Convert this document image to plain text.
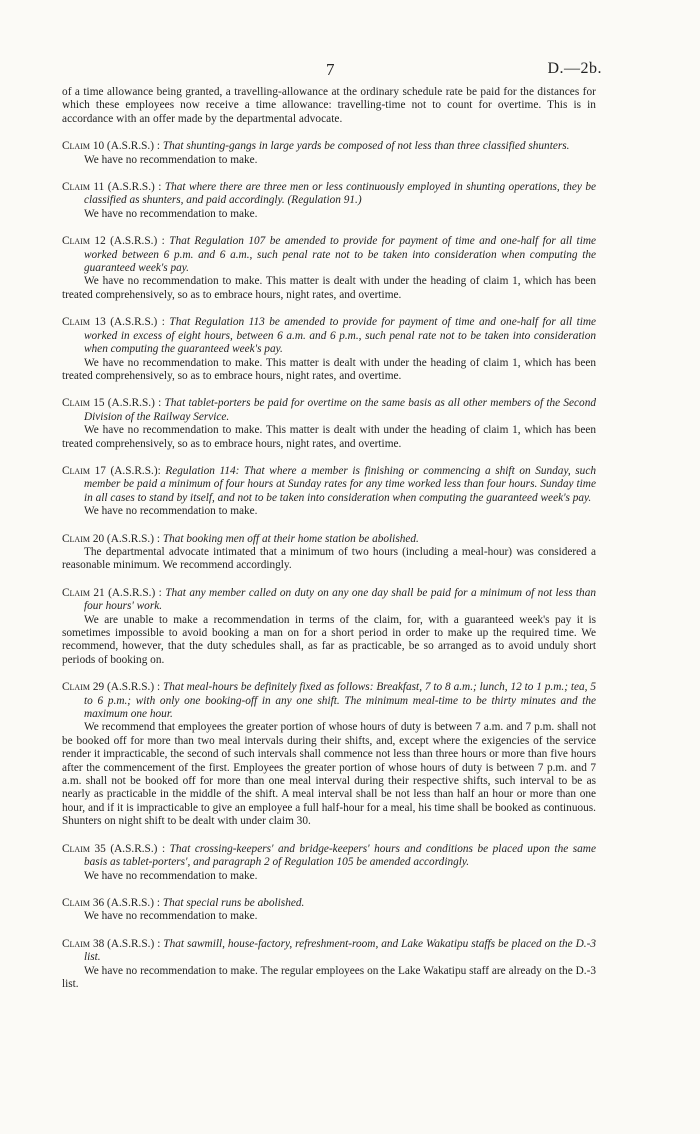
7	D.—2b.

of a time allowance being granted, a travelling-allowance at the ordinary schedule rate be paid for the distances for which these employees now receive a time allowance: travelling-time not to count for overtime. This is in accordance with an offer made by the departmental advocate.

Claim 10 (A.S.R.S.) : That shunting-gangs in large yards be composed of not less than three classified shunters.

We have no recommendation to make.

Claim 11 (A.S.R.S.) : That where there are three men or less continuously employed in shunting operations, they be classified as shunters, and paid accordingly. (Regulation 91.)

We have no recommendation to make.

Claim 12 (A.S.R.S.) : That Regulation 107 be amended to provide for payment of time and one-half for all time worked between 6 p.m. and 6 a.m., such penal rate not to be taken into consideration when computing the guaranteed week's pay.

We have no recommendation to make. This matter is dealt with under the heading of claim 1, which has been treated comprehensively, so as to embrace hours, night rates, and overtime.

Claim 13 (A.S.R.S.) : That Regulation 113 be amended to provide for payment of time and one-half for all time worked in excess of eight hours, between 6 a.m. and 6 p.m., such penal rate not to be taken into consideration when computing the guaranteed week's pay.

We have no recommendation to make. This matter is dealt with under the heading of claim 1, which has been treated comprehensively, so as to embrace hours, night rates, and overtime.

Claim 15 (A.S.R.S.) : That tablet-porters be paid for overtime on the same basis as all other members of the Second Division of the Railway Service.

We have no recommendation to make. This matter is dealt with under the heading of claim 1, which has been treated comprehensively, so as to embrace hours, night rates, and overtime.

Claim 17 (A.S.R.S.): Regulation 114: That where a member is finishing or commencing a shift on Sunday, such member be paid a minimum of four hours at Sunday rates for any time worked less than four hours. Sunday time in all cases to stand by itself, and not to be taken into consideration when computing the guaranteed week's pay.

We have no recommendation to make.

Claim 20 (A.S.R.S.) : That booking men off at their home station be abolished.

The departmental advocate intimated that a minimum of two hours (including a meal-hour) was considered a reasonable minimum. We recommend accordingly.

Claim 21 (A.S.R.S.) : That any member called on duty on any one day shall be paid for a minimum of not less than four hours' work.

We are unable to make a recommendation in terms of the claim, for, with a guaranteed week's pay it is sometimes impossible to avoid booking a man on for a short period in order to make up the required time. We recommend, however, that the duty schedules shall, as far as practicable, be so arranged as to avoid unduly short periods of booking on.

Claim 29 (A.S.R.S.) : That meal-hours be definitely fixed as follows: Breakfast, 7 to 8 a.m.; lunch, 12 to 1 p.m.; tea, 5 to 6 p.m.; with only one booking-off in any one shift. The minimum meal-time to be thirty minutes and the maximum one hour.

We recommend that employees the greater portion of whose hours of duty is between 7 a.m. and 7 p.m. shall not be booked off for more than two meal intervals during their shifts, and, except where the exigencies of the service render it impracticable, the second of such intervals shall commence not less than three hours or more than five hours after the commencement of the first. Employees the greater portion of whose hours of duty is between 7 p.m. and 7 a.m. shall not be booked off for more than one meal interval during their respective shifts, such interval to be as nearly as practicable in the middle of the shift. A meal interval shall be not less than half an hour or more than one hour, and if it is impracticable to give an employee a full half-hour for a meal, his time shall be booked as continuous. Shunters on night shift to be dealt with under claim 30.

Claim 35 (A.S.R.S.) : That crossing-keepers' and bridge-keepers' hours and conditions be placed upon the same basis as tablet-porters', and paragraph 2 of Regulation 105 be amended accordingly.

We have no recommendation to make.

Claim 36 (A.S.R.S.) : That special runs be abolished.

We have no recommendation to make.

Claim 38 (A.S.R.S.) : That sawmill, house-factory, refreshment-room, and Lake Wakatipu staffs be placed on the D.-3 list.

We have no recommendation to make. The regular employees on the Lake Wakatipu staff are already on the D.-3 list.
